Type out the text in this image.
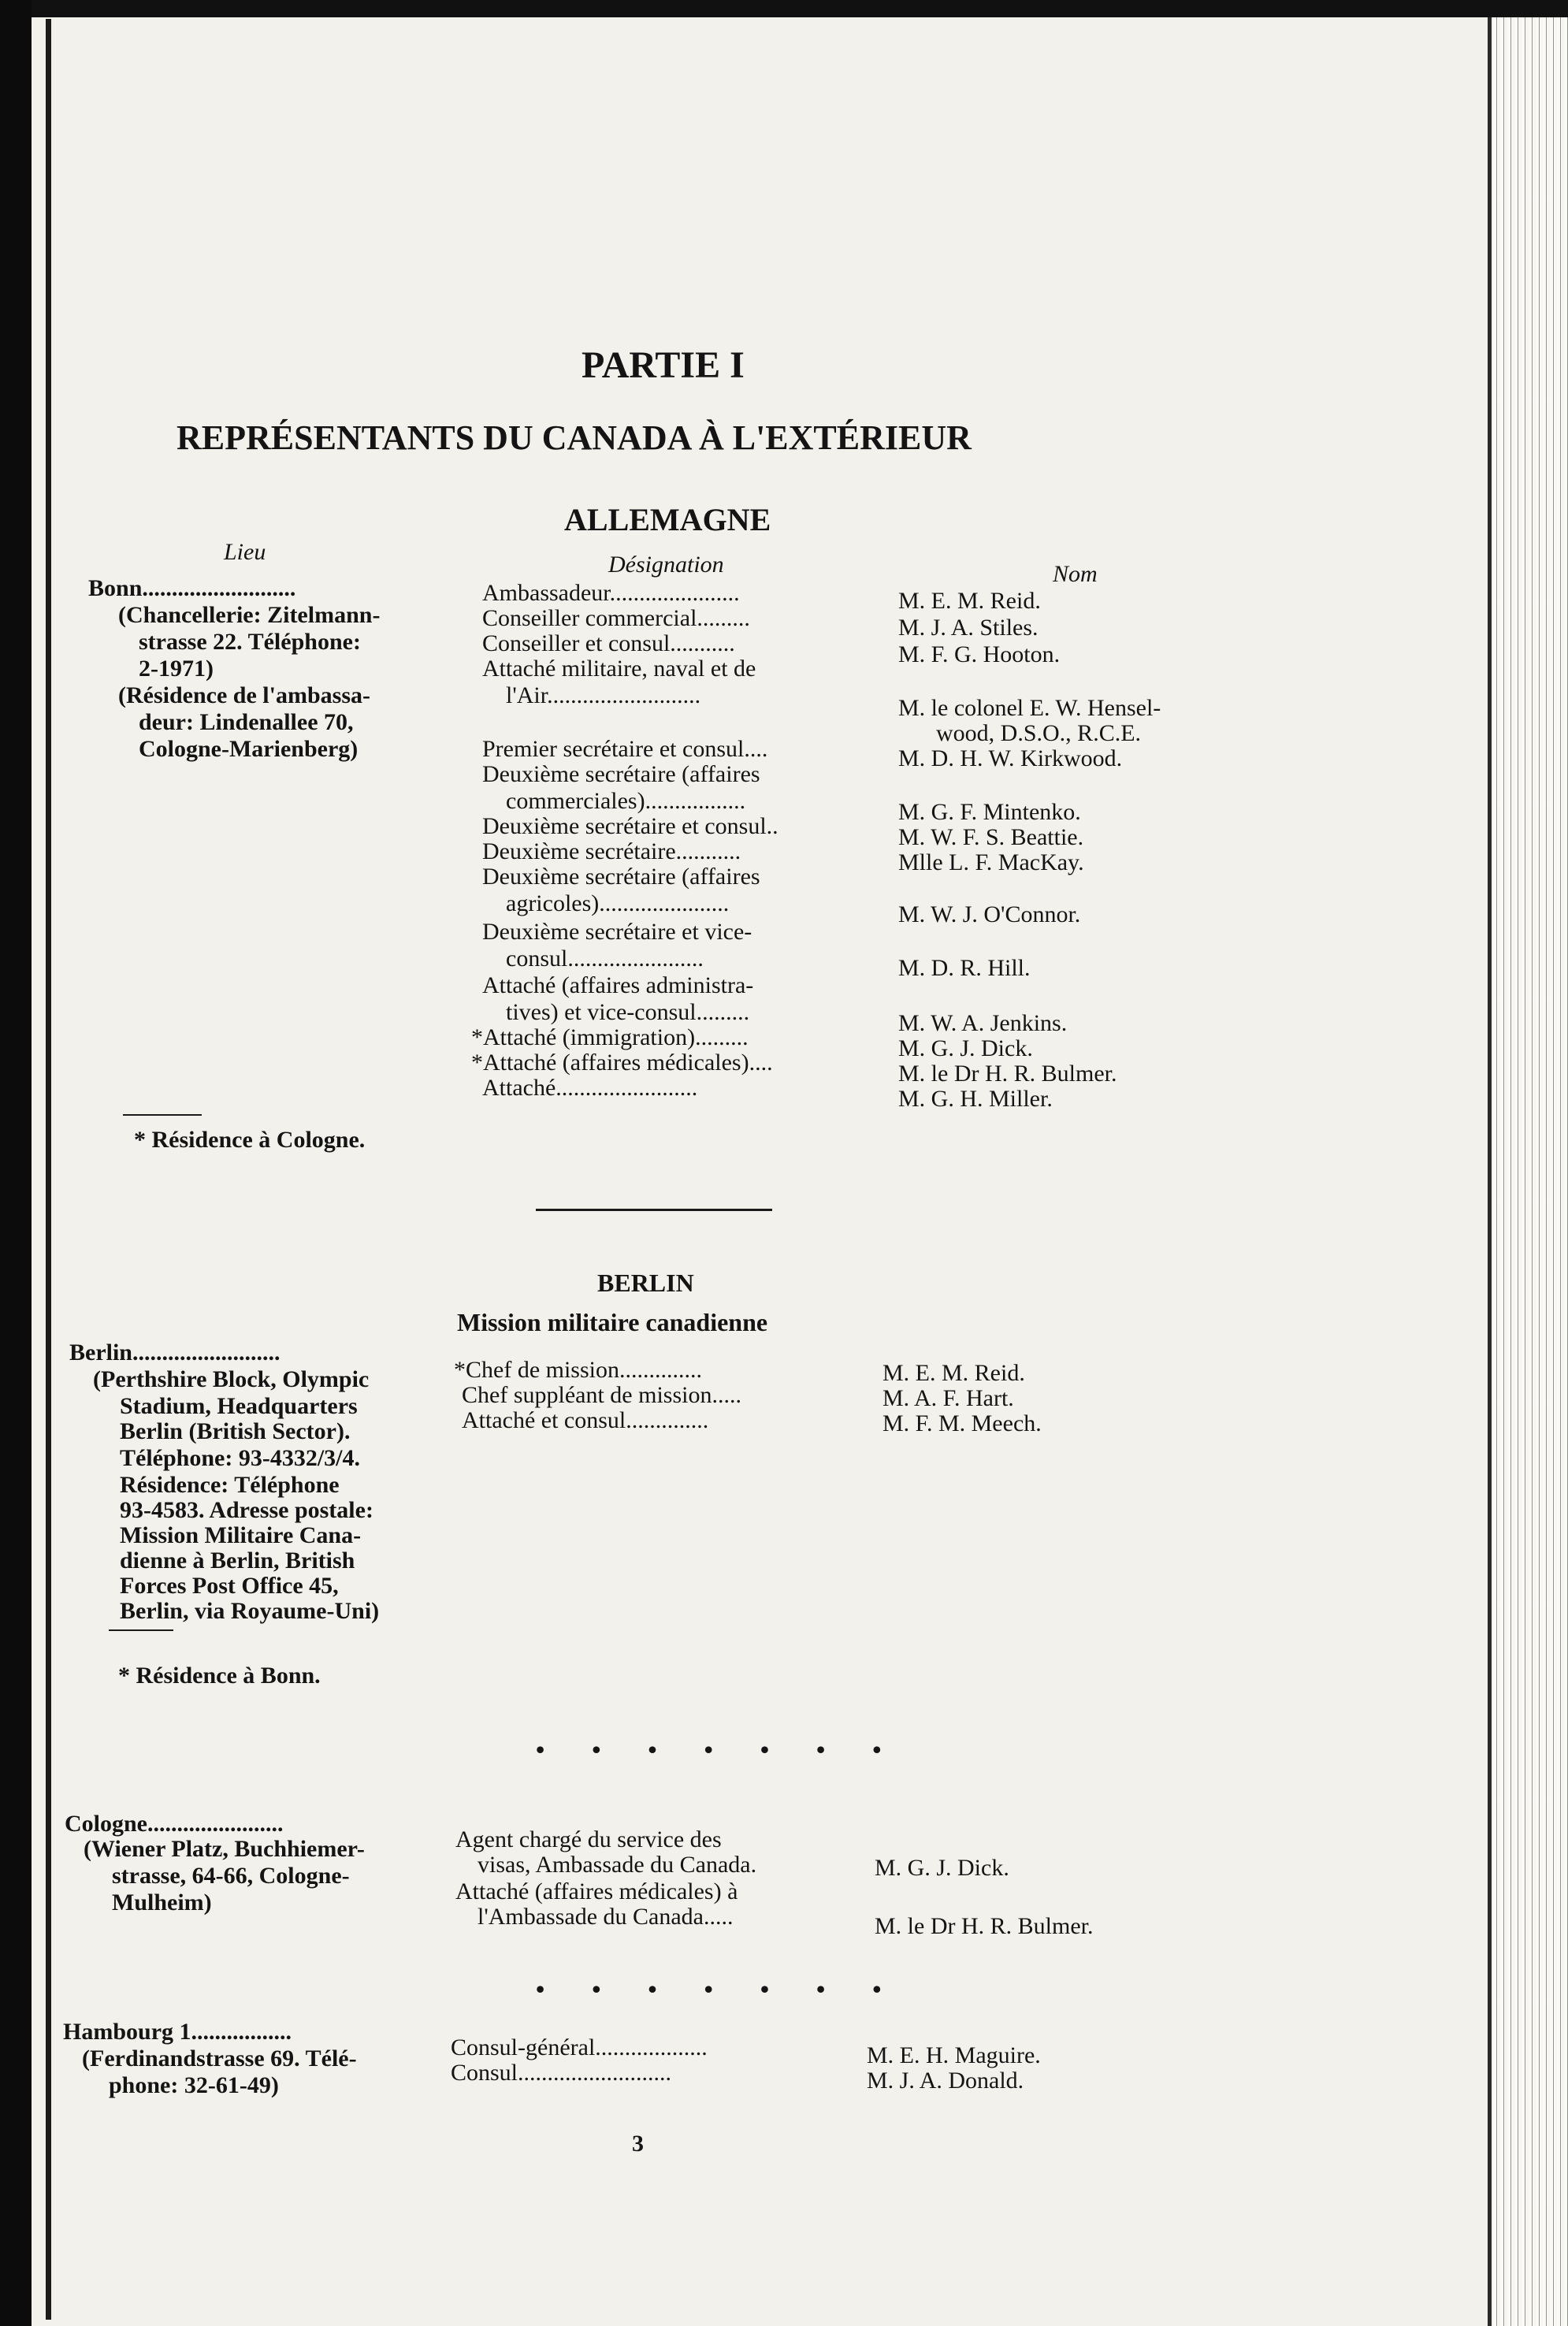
PARTIE I
REPRÉSENTANTS DU CANADA À L'EXTÉRIEUR
ALLEMAGNE
Lieu	Désignation	Nom
Bonn..........................
(Chancellerie: Zitelmann-
strasse 22. Téléphone:
2-1971)
(Résidence de l'ambassa-
deur: Lindenallee 70,
Cologne-Marienberg)
Ambassadeur......................
Conseiller commercial.........
Conseiller et consul...........
Attaché militaire, naval et de
l'Air..........................
Premier secrétaire et consul....
Deuxième secrétaire (affaires
commerciales).................
Deuxième secrétaire et consul..
Deuxième secrétaire...........
Deuxième secrétaire (affaires
agricoles)......................
Deuxième secrétaire et vice-
consul.......................
Attaché (affaires administra-
tives) et vice-consul.........
*Attaché (immigration).........
*Attaché (affaires médicales)....
Attaché........................
M. E. M. Reid.
M. J. A. Stiles.
M. F. G. Hooton.
M. le colonel E. W. Hensel-
wood, D.S.O., R.C.E.
M. D. H. W. Kirkwood.
M. G. F. Mintenko.
M. W. F. S. Beattie.
Mlle L. F. MacKay.
M. W. J. O'Connor.
M. D. R. Hill.
M. W. A. Jenkins.
M. G. J. Dick.
M. le Dr H. R. Bulmer.
M. G. H. Miller.
* Résidence à Cologne.
BERLIN
Mission militaire canadienne
Berlin.........................
(Perthshire Block, Olympic
Stadium, Headquarters
Berlin (British Sector).
Téléphone: 93-4332/3/4.
Résidence: Téléphone
93-4583. Adresse postale:
Mission Militaire Cana-
dienne à Berlin, British
Forces Post Office 45,
Berlin, via Royaume-Uni)
*Chef de mission..............
Chef suppléant de mission.....
Attaché et consul..............
M. E. M. Reid.
M. A. F. Hart.
M. F. M. Meech.
* Résidence à Bonn.
• • • • • • •
Cologne.......................
(Wiener Platz, Buchhiemer-
strasse, 64-66, Cologne-
Mulheim)
Agent chargé du service des
visas, Ambassade du Canada.
Attaché (affaires médicales) à
l'Ambassade du Canada.....
M. G. J. Dick.
M. le Dr H. R. Bulmer.
• • • • • • •
Hambourg 1.................
(Ferdinandstrasse 69. Télé-
phone: 32-61-49)
Consul-général...................
Consul..........................
M. E. H. Maguire.
M. J. A. Donald.
3
